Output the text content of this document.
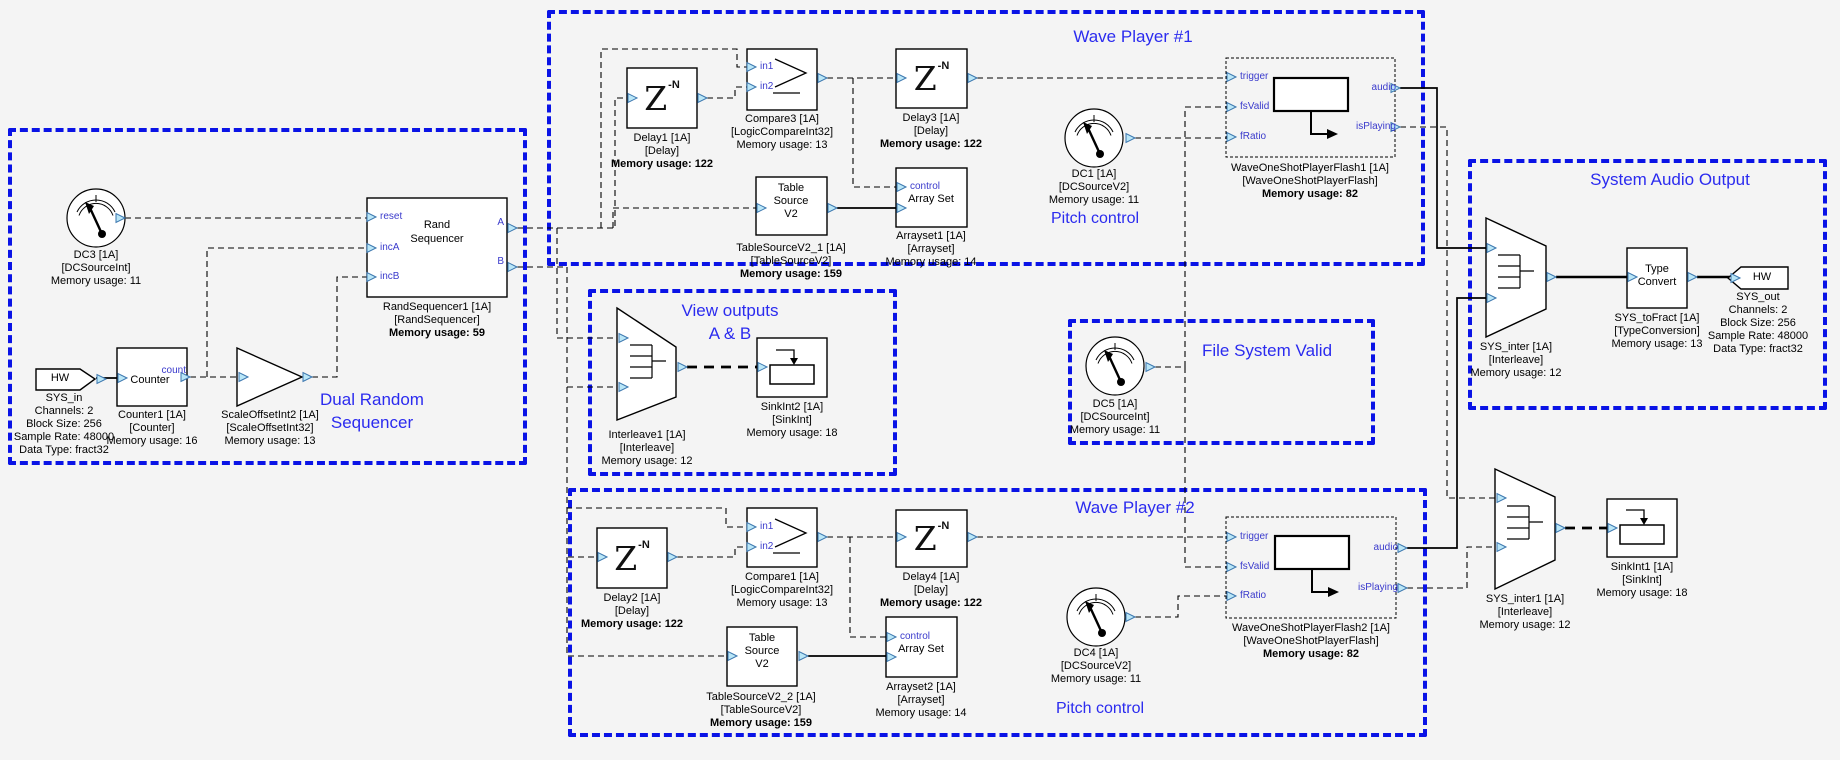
Dual Random
Sequencer
Wave Player #1
View outputs
A & B
File System Valid
Wave Player #2
System Audio Output
Pitch control
Pitch control
HW	Counter
count
Rand
Sequencer
reset
incA
incB
A
B
Z -N	Z -N
Z -N	Z -N
in1
in2
in1
in2
Table
Source
V2
Table
Source
V2
control
Array Set
control
Array Set
trigger
fsValid
fRatio
audio
isPlaying
trigger
fsValid
fRatio
audio
isPlaying
Type
Convert	HW
DC3 [1A]
[DCSourceInt]
Memory usage: 11
SYS_in
Channels: 2
Block Size: 256
Sample Rate: 48000
Data Type: fract32
Counter1 [1A]
[Counter]
Memory usage: 16
ScaleOffsetInt2 [1A]
[ScaleOffsetInt32]
Memory usage: 13
RandSequencer1 [1A]
[RandSequencer]
Memory usage: 59
Delay1 [1A]
[Delay]
Memory usage: 122
Compare3 [1A]
[LogicCompareInt32]
Memory usage: 13
Delay3 [1A]
[Delay]
Memory usage: 122
TableSourceV2_1 [1A]
[TableSourceV2]
Memory usage: 159
Arrayset1 [1A]
[Arrayset]
Memory usage: 14
DC1 [1A]
[DCSourceV2]
Memory usage: 11
WaveOneShotPlayerFlash1 [1A]
[WaveOneShotPlayerFlash]
Memory usage: 82
Interleave1 [1A]
[Interleave]
Memory usage: 12
SinkInt2 [1A]
[SinkInt]
Memory usage: 18
DC5 [1A]
[DCSourceInt]
Memory usage: 11
Delay2 [1A]
[Delay]
Memory usage: 122
Compare1 [1A]
[LogicCompareInt32]
Memory usage: 13
Delay4 [1A]
[Delay]
Memory usage: 122
TableSourceV2_2 [1A]
[TableSourceV2]
Memory usage: 159
Arrayset2 [1A]
[Arrayset]
Memory usage: 14
DC4 [1A]
[DCSourceV2]
Memory usage: 11
WaveOneShotPlayerFlash2 [1A]
[WaveOneShotPlayerFlash]
Memory usage: 82
SYS_inter [1A]
[Interleave]
Memory usage: 12
SYS_toFract [1A]
[TypeConversion]
Memory usage: 13
SYS_out
Channels: 2
Block Size: 256
Sample Rate: 48000
Data Type: fract32
SYS_inter1 [1A]
[Interleave]
Memory usage: 12
SinkInt1 [1A]
[SinkInt]
Memory usage: 18
